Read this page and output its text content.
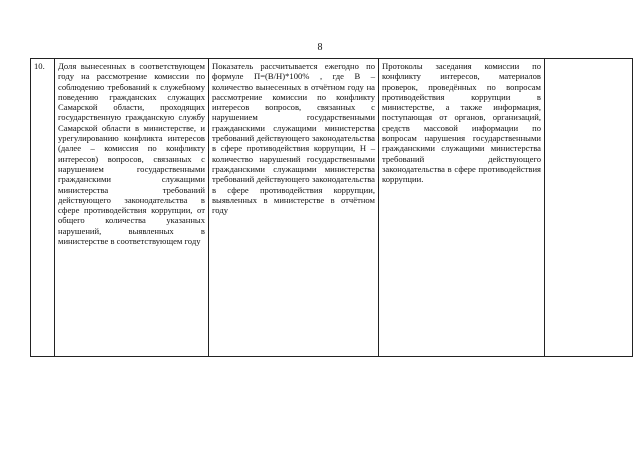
8
10.	Доля вынесенных в соответствующем году на рассмотрение комиссии по соблюдению требований к служебному поведению гражданских служащих Самарской области, проходящих государственную гражданскую службу Самарской области в министерстве, и урегулированию конфликта интересов (далее – комиссия по конфликту интересов) вопросов, связанных с нарушением государственными гражданскими служащими министерства требований действующего законодательства в сфере противодействия коррупции, от общего количества указанных нарушений, выявленных в министерстве в соответствующем году	Показатель рассчитывается ежегодно по формуле П=(В/Н)*100% , где В – количество вынесенных в отчётном году на рассмотрение комиссии по конфликту интересов вопросов, связанных с нарушением государственными гражданскими служащими министерства требований действующего законодательства в сфере противодействия коррупции, Н – количество нарушений государственными гражданскими служащими министерства требований действующего законодательства в сфере противодействия коррупции, выявленных в министерстве в отчётном году	Протоколы заседания комиссии по конфликту интересов, материалов проверок, проведённых по вопросам противодействия коррупции в министерстве, а также информация, поступающая от органов, организаций, средств массовой информации по вопросам нарушения государственными гражданскими служащими министерства требований действующего законодательства в сфере противодействия коррупции.	
